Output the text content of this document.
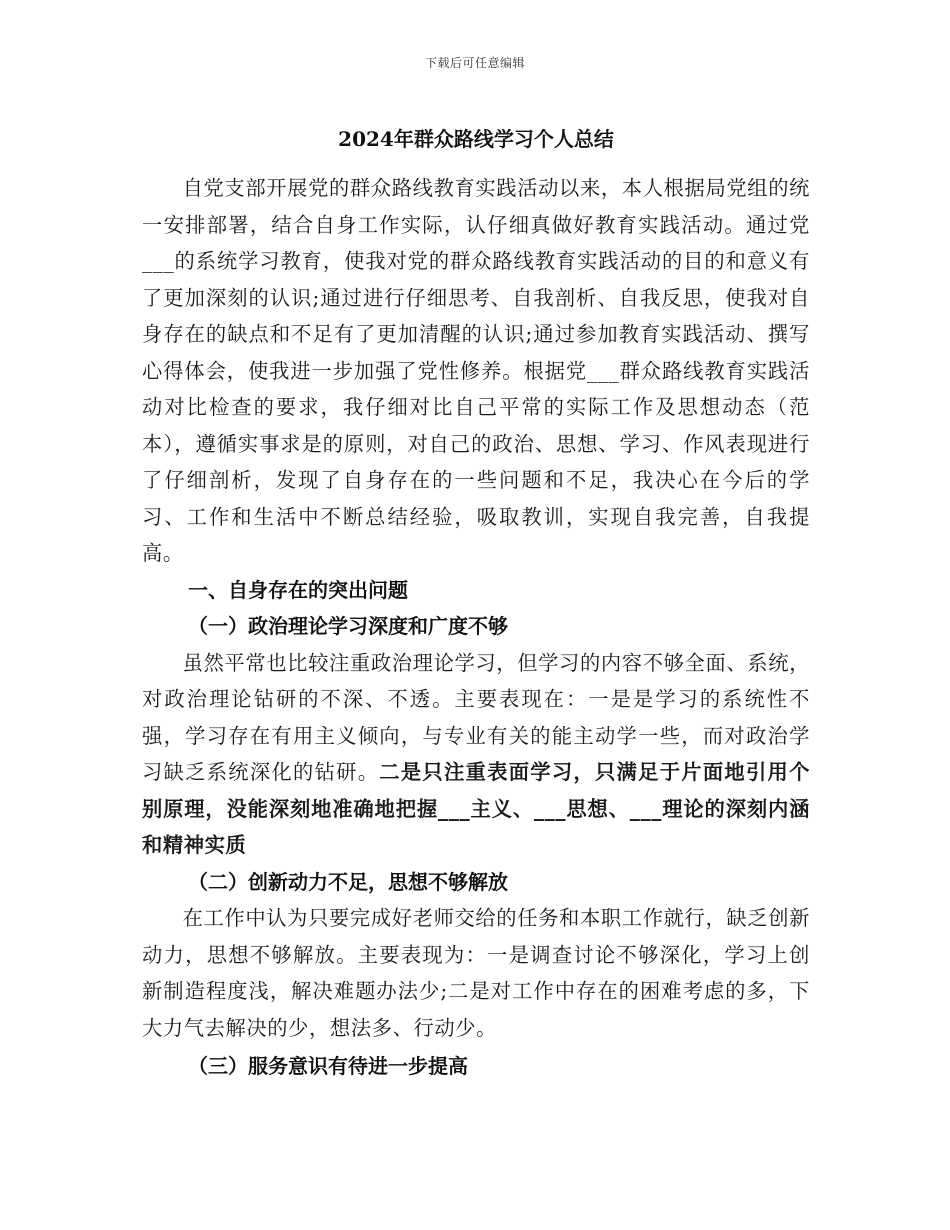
下载后可任意编辑
2024年群众路线学习个人总结

自党支部开展党的群众路线教育实践活动以来，本人根据局党组的统一安排部署，结合自身工作实际，认仔细真做好教育实践活动。通过党___的系统学习教育，使我对党的群众路线教育实践活动的目的和意义有了更加深刻的认识;通过进行仔细思考、自我剖析、自我反思，使我对自身存在的缺点和不足有了更加清醒的认识;通过参加教育实践活动、撰写心得体会，使我进一步加强了党性修养。根据党___群众路线教育实践活动对比检查的要求，我仔细对比自己平常的实际工作及思想动态（范本），遵循实事求是的原则，对自己的政治、思想、学习、作风表现进行了仔细剖析，发现了自身存在的一些问题和不足，我决心在今后的学习、工作和生活中不断总结经验，吸取教训，实现自我完善，自我提高。

一、自身存在的突出问题

（一）政治理论学习深度和广度不够

虽然平常也比较注重政治理论学习，但学习的内容不够全面、系统，对政治理论钻研的不深、不透。主要表现在：一是是学习的系统性不强，学习存在有用主义倾向，与专业有关的能主动学一些，而对政治学习缺乏系统深化的钻研。二是只注重表面学习，只满足于片面地引用个别原理，没能深刻地准确地把握___主义、___思想、___理论的深刻内涵和精神实质

（二）创新动力不足，思想不够解放

在工作中认为只要完成好老师交给的任务和本职工作就行，缺乏创新动力，思想不够解放。主要表现为：一是调查讨论不够深化，学习上创新制造程度浅，解决难题办法少;二是对工作中存在的困难考虑的多，下大力气去解决的少，想法多、行动少。

（三）服务意识有待进一步提高
